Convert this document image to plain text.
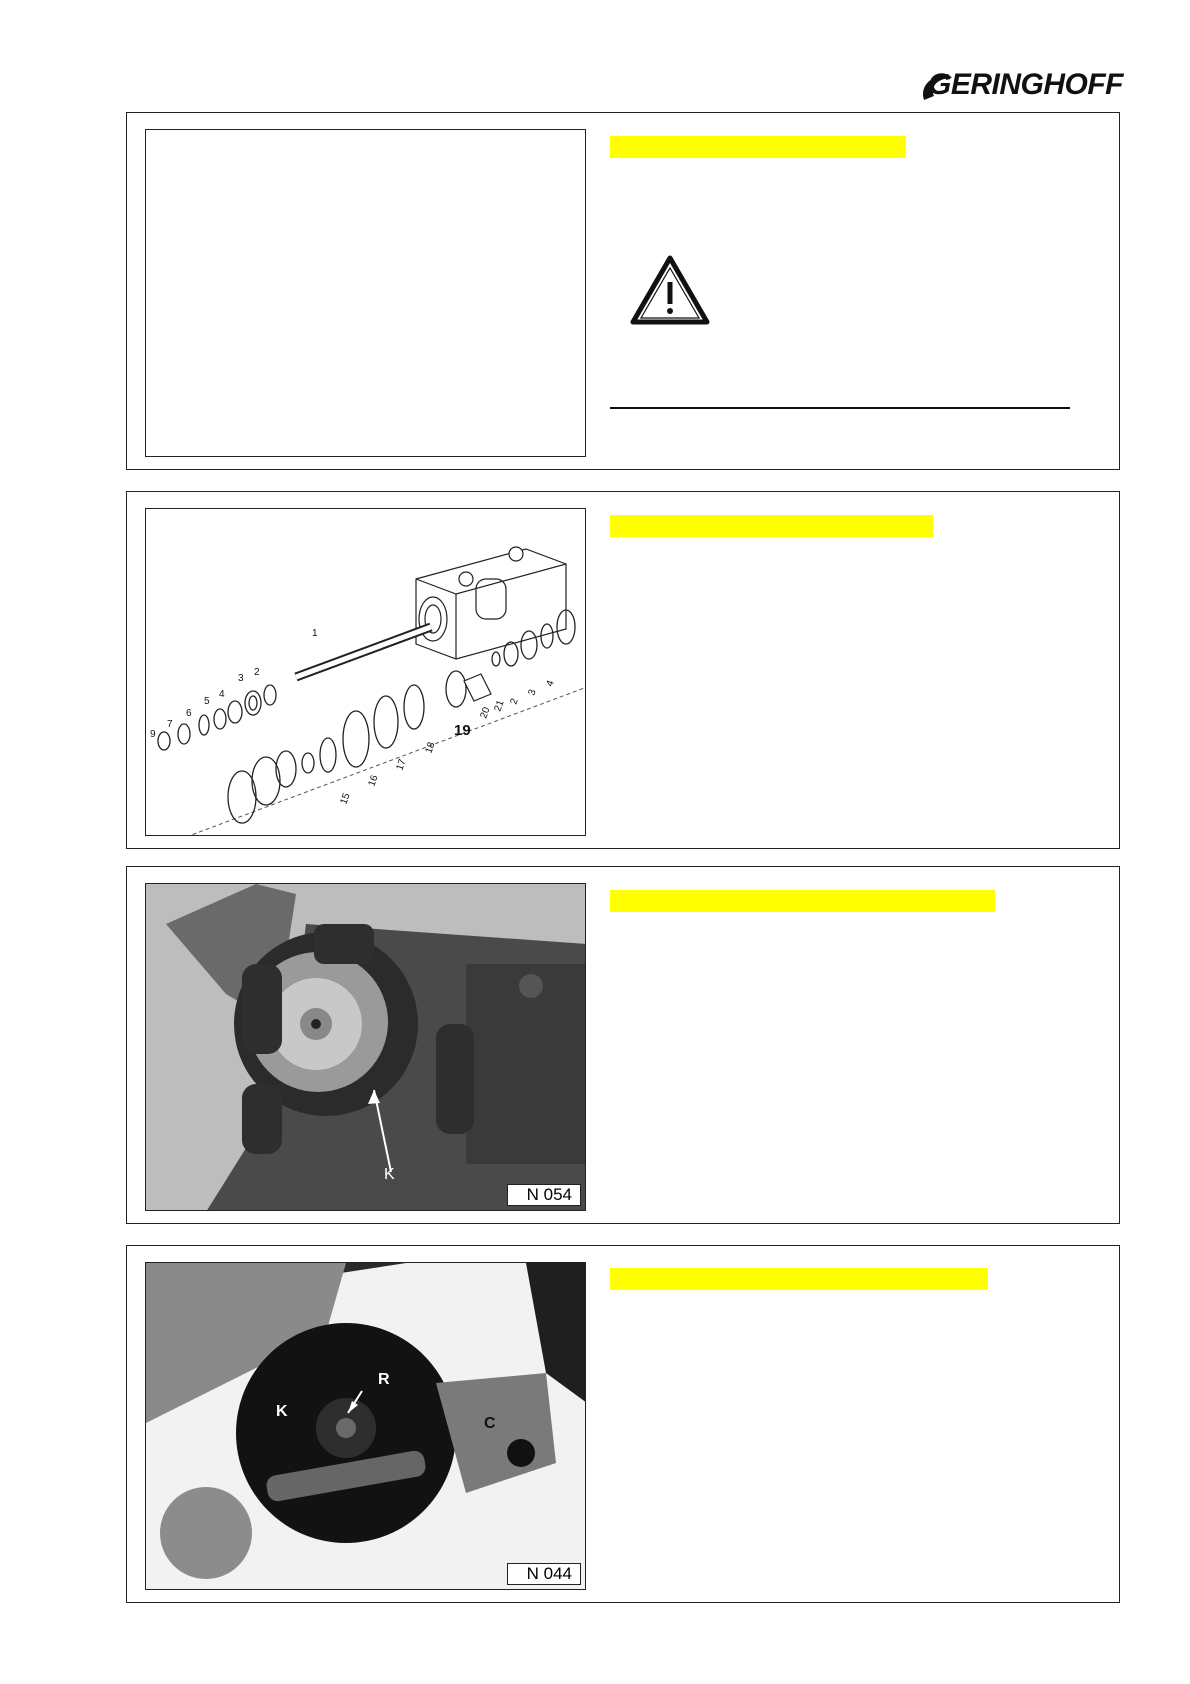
GERINGHOFF
1
2
3
4
5
6
7
9
2
3
4
20 21
19
18
17
16
15
K
N 054
R
K
C
N 044
